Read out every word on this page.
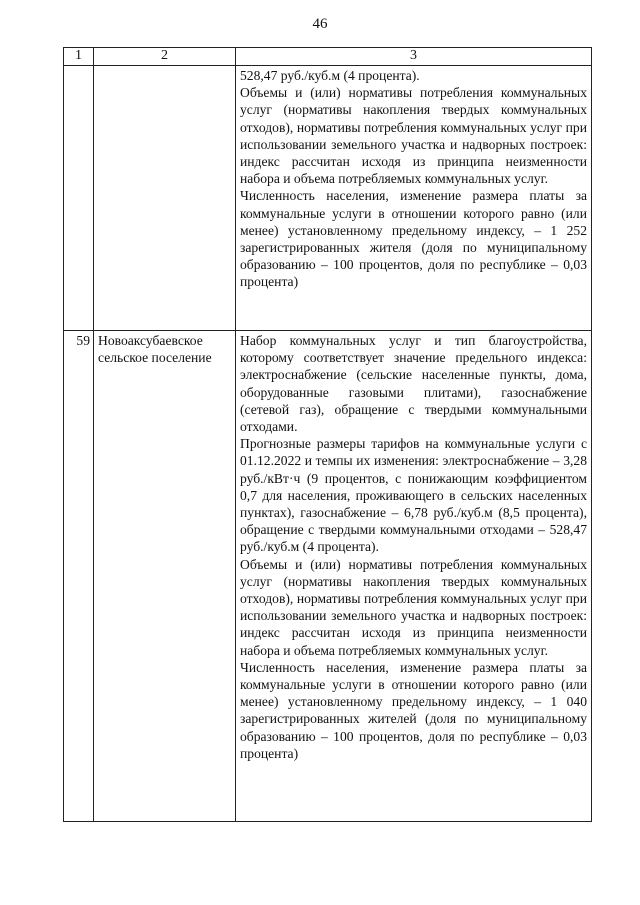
46
1	2	3

		528,47 руб./куб.м (4 процента).

Объемы и (или) нормативы потребления коммунальных услуг (нормативы накопления твердых коммунальных отходов), нормативы потребления коммунальных услуг при использовании земельного участка и надворных построек: индекс рассчитан исходя из принципа неизменности набора и объема потребляемых коммунальных услуг.

Численность населения, изменение размера платы за коммунальные услуги в отношении которого равно (или менее) установленному предельному индексу, – 1 252 зарегистрированных жителя (доля по муниципальному образованию – 100 процентов, доля по республике – 0,03 процента)

59	Новоаксубаевское сельское поселение	Набор коммунальных услуг и тип благоустройства, которому соответствует значение предельного индекса: электроснабжение (сельские населенные пункты, дома, оборудованные газовыми плитами), газоснабжение (сетевой газ), обращение с твердыми коммунальными отходами.

Прогнозные размеры тарифов на коммунальные услуги с 01.12.2022 и темпы их изменения: электроснабжение – 3,28 руб./кВт·ч (9 процентов, с понижающим коэффициентом 0,7 для населения, проживающего в сельских населенных пунктах), газоснабжение – 6,78 руб./куб.м (8,5 процента), обращение с твердыми коммунальными отходами – 528,47 руб./куб.м (4 процента).

Объемы и (или) нормативы потребления коммунальных услуг (нормативы накопления твердых коммунальных отходов), нормативы потребления коммунальных услуг при использовании земельного участка и надворных построек: индекс рассчитан исходя из принципа неизменности набора и объема потребляемых коммунальных услуг.

Численность населения, изменение размера платы за коммунальные услуги в отношении которого равно (или менее) установленному предельному индексу, – 1 040 зарегистрированных жителей (доля по муниципальному образованию – 100 процентов, доля по республике – 0,03 процента)
